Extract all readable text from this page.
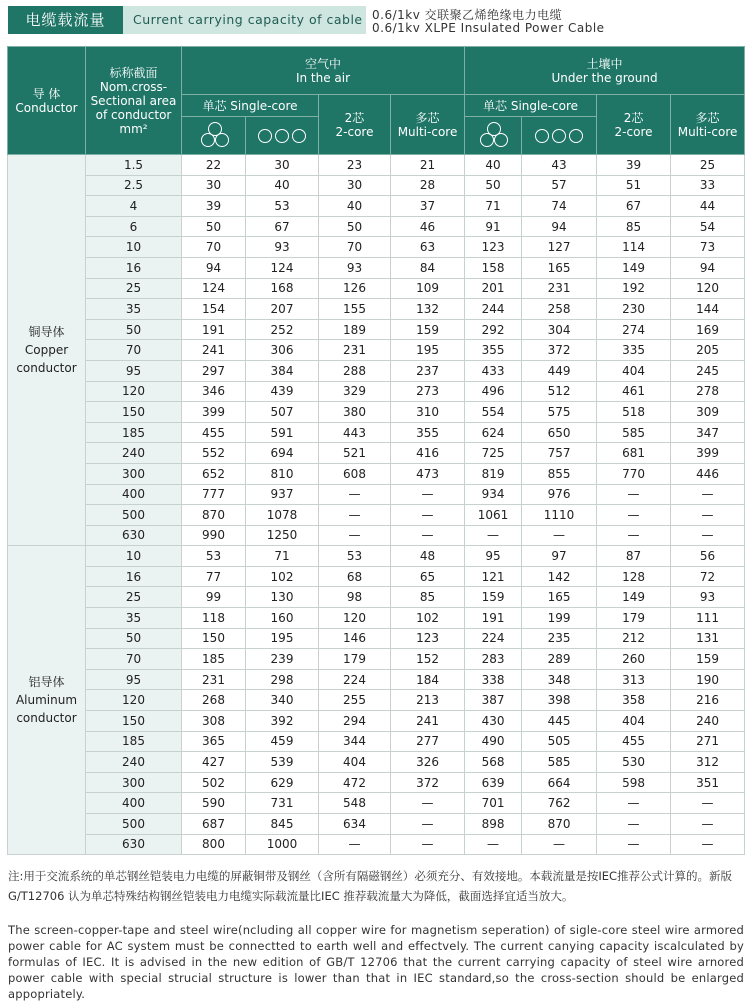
电缆载流量	Current carrying capacity of cable 0.6/1kv 交联聚乙烯绝缘电力电缆
0.6/1kv XLPE Insulated Power Cable
导 体
Conductor	标称截面
Nom.cross-
Sectional area
of conductor
mm²	空气中
In the air				土壤中
Under the ground			

		单芯 Single-core		2芯
2-core	多芯
Multi-core	单芯 Single-core		2芯
2-core	多芯
Multi-core

铜导体
Copper
conductor	1.5	22	30	23	21	40	43	39	25
	2.5	30	40	30	28	50	57	51	33
	4	39	53	40	37	71	74	67	44
	6	50	67	50	46	91	94	85	54
	10	70	93	70	63	123	127	114	73
	16	94	124	93	84	158	165	149	94
	25	124	168	126	109	201	231	192	120
	35	154	207	155	132	244	258	230	144
	50	191	252	189	159	292	304	274	169
	70	241	306	231	195	355	372	335	205
	95	297	384	288	237	433	449	404	245
	120	346	439	329	273	496	512	461	278
	150	399	507	380	310	554	575	518	309
	185	455	591	443	355	624	650	585	347
	240	552	694	521	416	725	757	681	399
	300	652	810	608	473	819	855	770	446
	400	777	937	—	—	934	976	—	—
	500	870	1078	—	—	1061	1110	—	—
	630	990	1250	—	—	—	—	—	—

铝导体
Aluminum
conductor	10	53	71	53	48	95	97	87	56
	16	77	102	68	65	121	142	128	72
	25	99	130	98	85	159	165	149	93
	35	118	160	120	102	191	199	179	111
	50	150	195	146	123	224	235	212	131
	70	185	239	179	152	283	289	260	159
	95	231	298	224	184	338	348	313	190
	120	268	340	255	213	387	398	358	216
	150	308	392	294	241	430	445	404	240
	185	365	459	344	277	490	505	455	271
	240	427	539	404	326	568	585	530	312
	300	502	629	472	372	639	664	598	351
	400	590	731	548	—	701	762	—	—
	500	687	845	634	—	898	870	—	—
	630	800	1000	—	—	—	—	—	—
注:用于交流系统的单芯钢丝铠装电力电缆的屏蔽铜带及钢丝（含所有隔磁钢丝）必须充分、有效接地。本载流量是按IEC推荐公式计算的。新版G/T12706 认为单芯特殊结构钢丝铠装电力电缆实际载流量比IEC 推荐载流量大为降低，截面选择宜适当放大。
The screen-copper-tape and steel wire(ncluding all copper wire for magnetism seperation) of sigle-core steel wire armored power cable for AC system must be connectted to earth well and effectvely. The current canying capacity iscalculated by formulas of IEC. It is advised in the new edition of GB/T 12706 that the current carrying capacity of steel wire arnored power cable with special strucial structure is lower than that in IEC standard,so the cross-section should be enlarged appopriately.
